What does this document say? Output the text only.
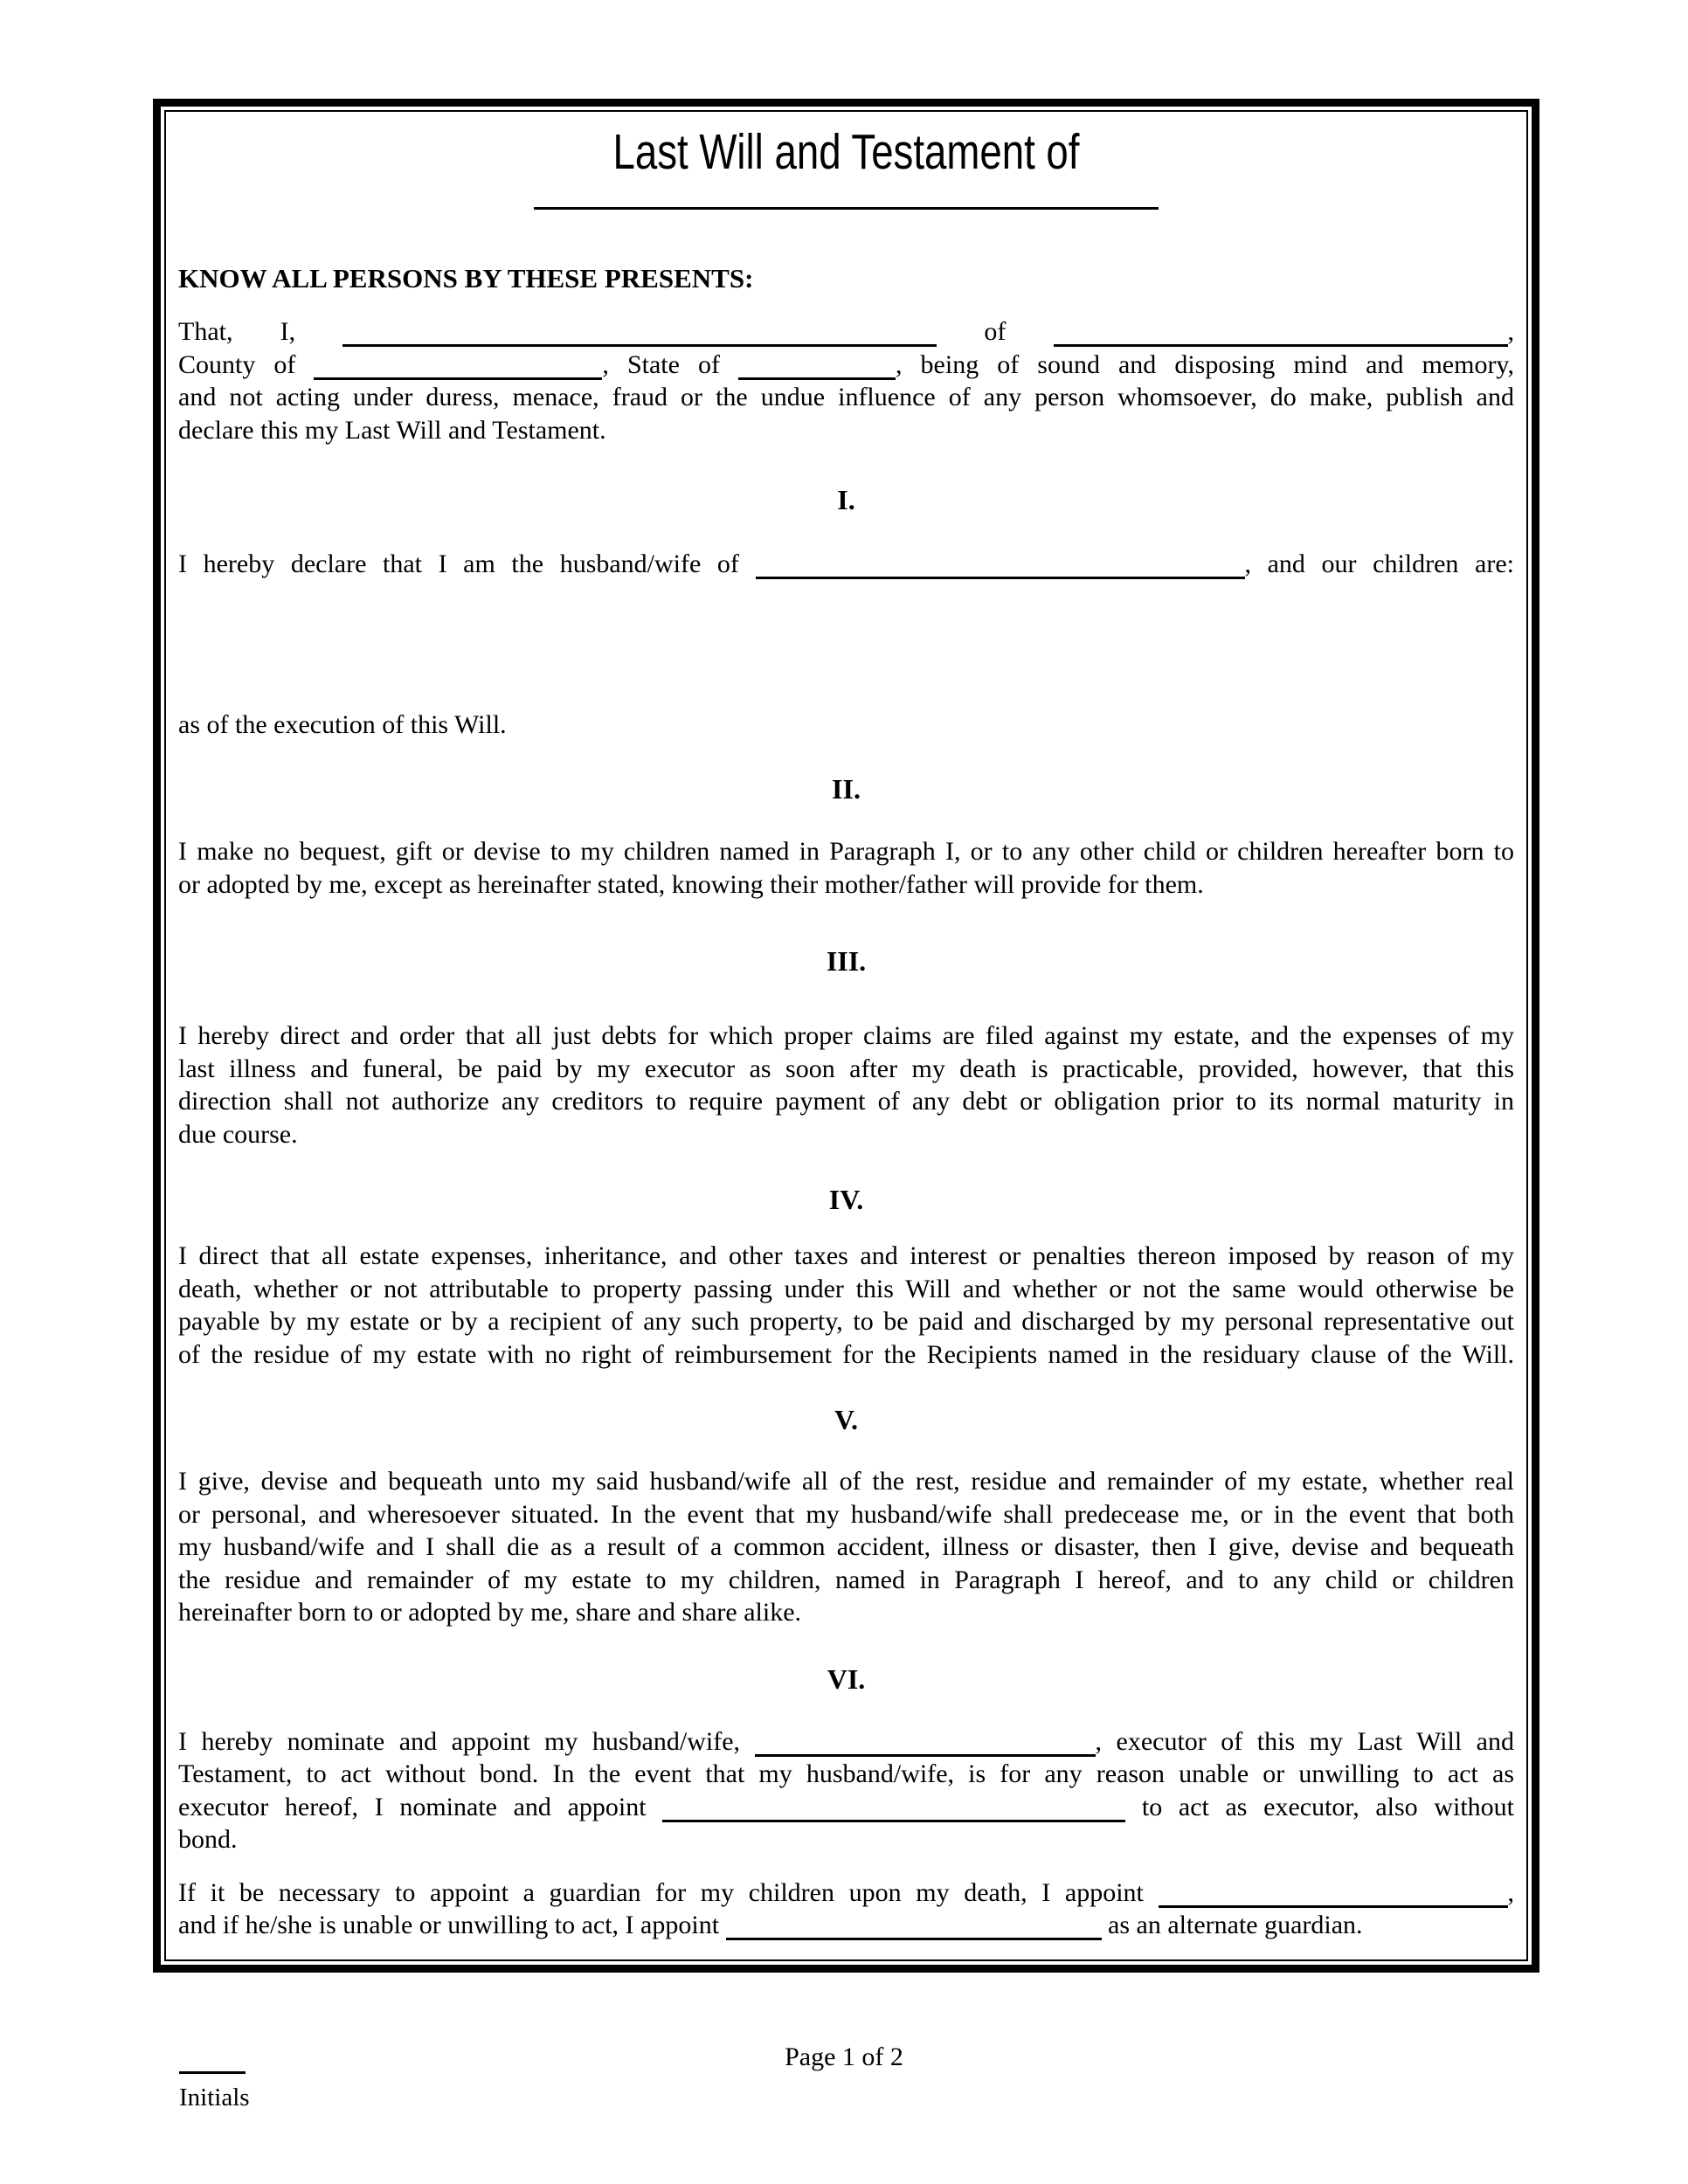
Last Will and Testament of
KNOW ALL PERSONS BY THESE PRESENTS:
That, I,	of	,
County of	, State of	, being of sound and disposing mind and memory,
and not acting under duress, menace, fraud or the undue influence of any person whomsoever, do make, publish and
declare this my Last Will and Testament.
I.
I hereby declare that I am the husband/wife of	, and our children are:
as of the execution of this Will.
II.
I make no bequest, gift or devise to my children named in Paragraph I, or to any other child or children hereafter born to
or adopted by me, except as hereinafter stated, knowing their mother/father will provide for them.
III.
I hereby direct and order that all just debts for which proper claims are filed against my estate, and the expenses of my
last illness and funeral, be paid by my executor as soon after my death is practicable, provided, however, that this
direction shall not authorize any creditors to require payment of any debt or obligation prior to its normal maturity in
due course.
IV.
I direct that all estate expenses, inheritance, and other taxes and interest or penalties thereon imposed by reason of my
death, whether or not attributable to property passing under this Will and whether or not the same would otherwise be
payable by my estate or by a recipient of any such property, to be paid and discharged by my personal representative out
of the residue of my estate with no right of reimbursement for the Recipients named in the residuary clause of the Will.
V.
I give, devise and bequeath unto my said husband/wife all of the rest, residue and remainder of my estate, whether real
or personal, and wheresoever situated. In the event that my husband/wife shall predecease me, or in the event that both
my husband/wife and I shall die as a result of a common accident, illness or disaster, then I give, devise and bequeath
the residue and remainder of my estate to my children, named in Paragraph I hereof, and to any child or children
hereinafter born to or adopted by me, share and share alike.
VI.
I hereby nominate and appoint my husband/wife,	, executor of this my Last Will and
Testament, to act without bond. In the event that my husband/wife, is for any reason unable or unwilling to act as
executor hereof, I nominate and appoint	to act as executor, also without
bond.
If it be necessary to appoint a guardian for my children upon my death, I appoint	,
and if he/she is unable or unwilling to act, I appoint	as an alternate guardian.
Page 1 of 2
Initials
